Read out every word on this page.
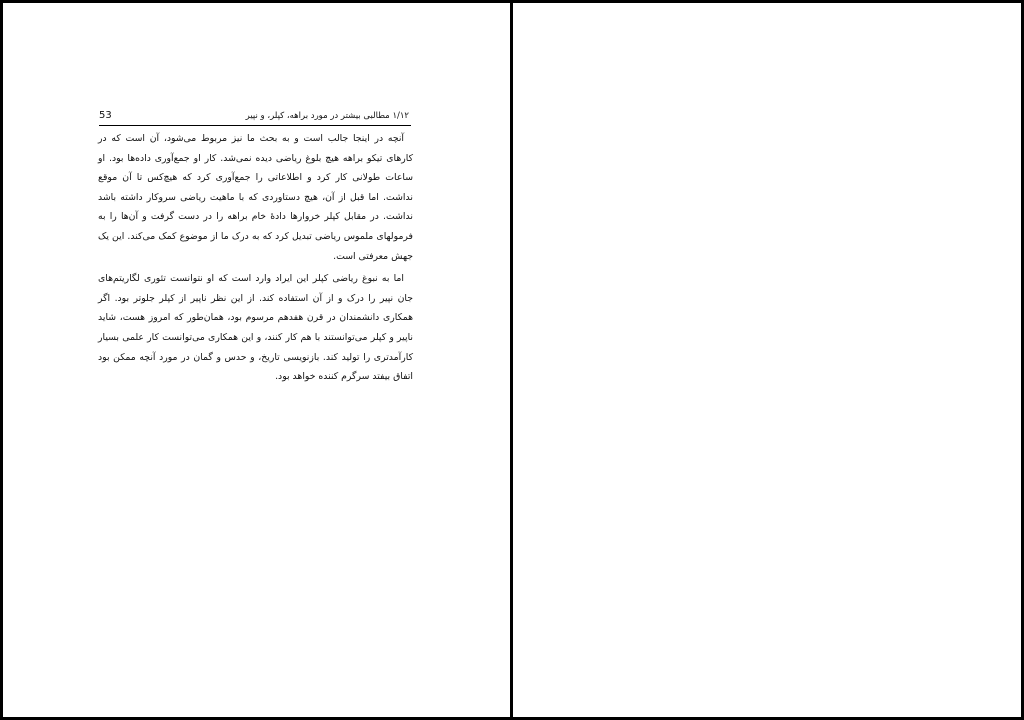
53	۱/۱۲ مطالبی بیشتر در مورد براهه، کپلر، و نپیر

آنچه در اینجا جالب است و به بحث ما نیز مربوط می‌شود، آن است که در کارهای تیکو براهه هیچ بلوغ ریاضی دیده نمی‌شد. کار او جمع‌آوری داده‌ها بود. او ساعات طولانی کار کرد و اطلاعاتی را جمع‌آوری کرد که هیچ‌کس تا آن موقع نداشت. اما قبل از آن، هیچ دستاوردی که با ماهیت ریاضی سروکار داشته باشد نداشت. در مقابل کپلر خروارها دادهٔ خام براهه را در دست گرفت و آن‌ها را به فرمولهای ملموس ریاضی تبدیل کرد که به درک ما از موضوع کمک می‌کند. این یک جهش معرفتی است.

اما به نبوغ ریاضی کپلر این ایراد وارد است که او نتوانست تئوری لگاریتم‌های جان نپیر را درک و از آن استفاده کند. از این نظر ناپیر از کپلر جلوتر بود. اگر همکاری دانشمندان در قرن هفدهم مرسوم بود، همان‌طور که امروز هست، شاید ناپیر و کپلر می‌توانستند با هم کار کنند، و این همکاری می‌توانست کار علمی بسیار کارآمدتری را تولید کند. بازنویسی تاریخ، و حدس و گمان در مورد آنچه ممکن بود اتفاق بیفتد سرگرم کننده خواهد بود.
